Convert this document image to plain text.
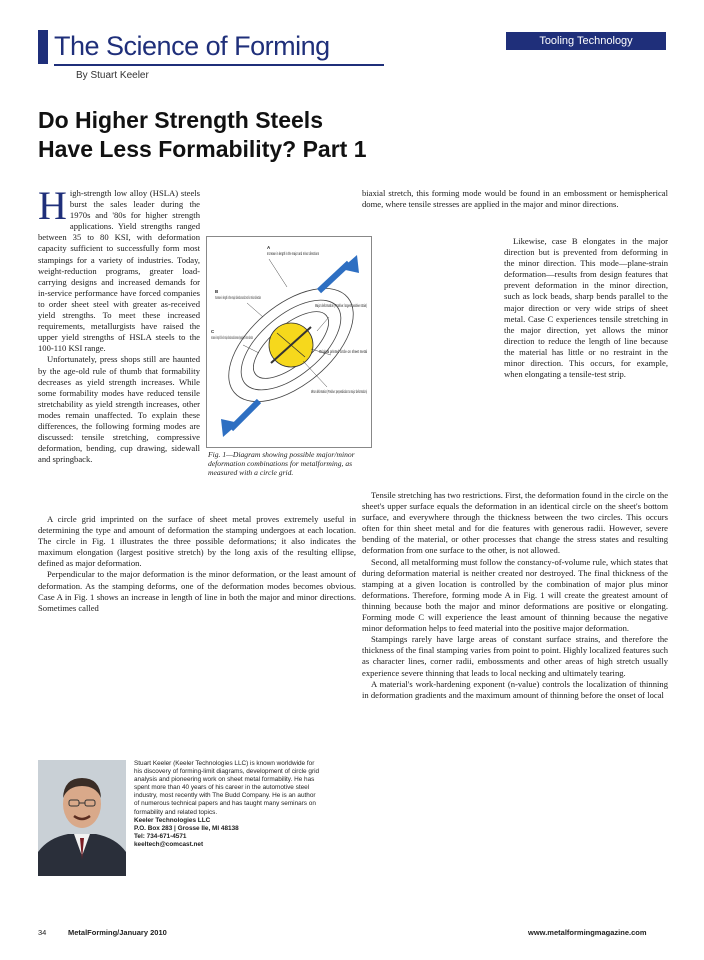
The Science of Forming
By Stuart Keeler
Tooling Technology
Do Higher Strength Steels
Have Less Formability? Part 1

High-strength low alloy (HSLA) steels burst the sales leader during the 1970s and '80s for higher strength applications. Yield strengths ranged between 35 to 80 KSI, with deformation capacity sufficient to successfully form most stampings for a variety of industries. Today, weight-reduction programs, greater load-carrying designs and increased demands for in-service performance have forced companies to order sheet steel with greater as-received yield strengths. To meet these increased requirements, metallurgists have raised the upper yield strengths of HSLA steels to the 100-110 KSI range.

Unfortunately, press shops still are haunted by the age-old rule of thumb that formability decreases as yield strength increases. While some formability modes have reduced tensile stretchability as yield strength increases, other modes remain unaffected. To explain these differences, the following forming modes are discussed: tensile stretching, compressive deformation, bending, cup drawing, sidewall and springback.

A circle grid imprinted on the surface of sheet metal proves extremely useful in determining the type and amount of deformation the stamping undergoes at each location. The circle in Fig. 1 illustrates the three possible deformations; it also indicates the maximum elongation (largest positive stretch) by the long axis of the resulting ellipse, defined as major deformation.

Perpendicular to the major deformation is the minor deformation, or the least amount of deformation. As the stamping deforms, one of the deformation modes becomes obvious. Case A in Fig. 1 shows an increase in length of line in both the major and minor directions. Sometimes called

A
Increase in length in the major and minor directions
B
Increase in length in the major direction and zero for minor direction
C
Increase in length of line for major direction and decrease (negative) for minor direction
Major deformation (Positive: largest positive strain)
Original printed circle on sheet metal
Minor deformation (Positive: perpendicular to major deformation)
Fig. 1—Diagram showing possible major/minor deformation combinations for metalforming, as measured with a circle grid.
biaxial stretch, this forming mode would be found in an embossment or hemispherical dome, where tensile stresses are applied in the major and minor directions.

Likewise, case B elongates in the major direction but is prevented from deforming in the minor direction. This mode—plane-strain deformation—results from design features that prevent deformation in the minor direction, such as lock beads, sharp bends parallel to the major direction or very wide strips of sheet metal. Case C experiences tensile stretching in the major direction, yet allows the minor direction to reduce the length of line because the material has little or no restraint in the minor direction. This occurs, for example, when elongating a tensile-test strip.

Tensile stretching has two restrictions. First, the deformation found in the circle on the sheet's upper surface equals the deformation in an identical circle on the sheet's bottom surface, and everywhere through the thickness between the two circles. This occurs often for thin sheet metal and for die features with generous radii. However, severe bending of the material, or other processes that change the stress states and resulting deformation from one surface to the other, is not allowed.

Second, all metalforming must follow the constancy-of-volume rule, which states that during deformation material is neither created nor destroyed. The final thickness of the stamping at a given location is controlled by the combination of major plus minor deformations. Therefore, forming mode A in Fig. 1 will create the greatest amount of thinning because both the major and minor deformations are positive or elongating. Forming mode C will experience the least amount of thinning because the negative minor deformation helps to feed material into the positive major deformation.

Stampings rarely have large areas of constant surface strains, and therefore the thickness of the final stamping varies from point to point. Highly localized features such as character lines, corner radii, embossments and other areas of high stretch usually experience severe thinning that leads to local necking and ultimately tearing.

A material's work-hardening exponent (n-value) controls the localization of thinning in deformation gradients and the maximum amount of thinning before the onset of local

Stuart Keeler (Keeler Technologies LLC) is known worldwide for his discovery of forming-limit diagrams, development of circle grid analysis and pioneering work on sheet metal formability. He has spent more than 40 years of his career in the automotive steel industry, most recently with The Budd Company. He is an author of numerous technical papers and has taught many seminars on formability and related topics.
Keeler Technologies LLC
P.O. Box 283 | Grosse Ile, MI 48138
Tel: 734-671-4571
keeltech@comcast.net
34	MetalForming/January 2010	www.metalformingmagazine.com
